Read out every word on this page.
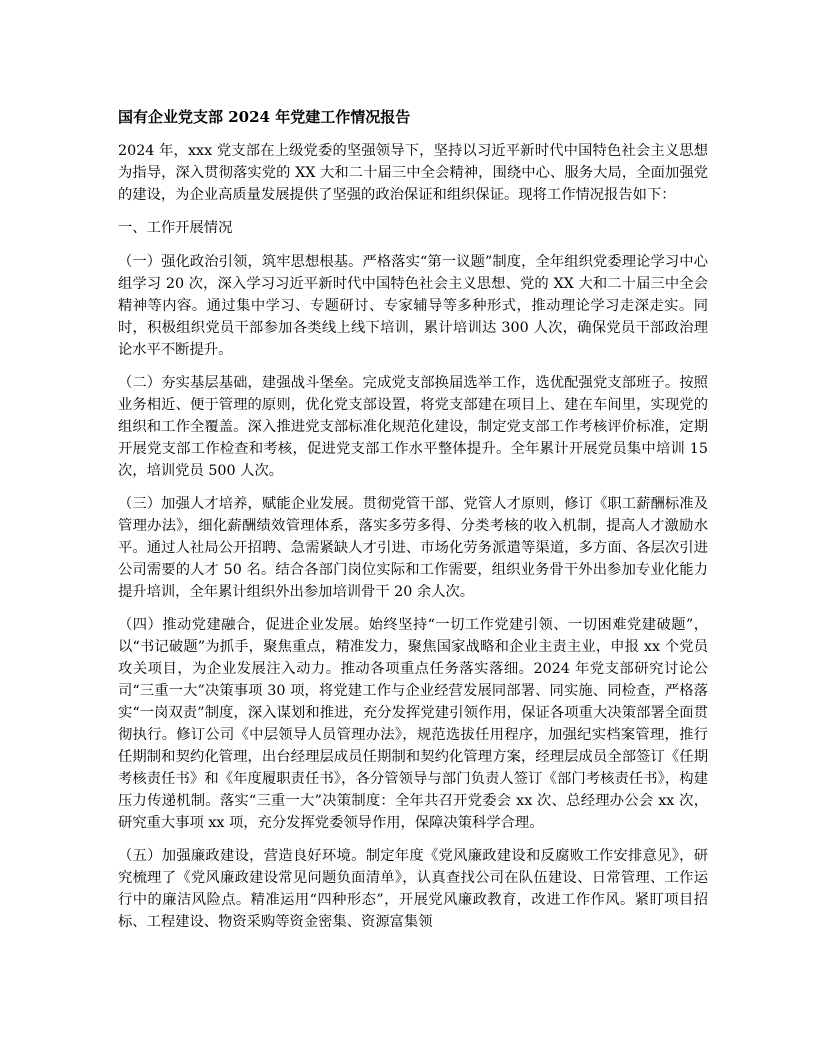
国有企业党支部 2024 年党建工作情况报告

2024 年，xxx 党支部在上级党委的坚强领导下，坚持以习近平新时代中国特色社会主义思想为指导，深入贯彻落实党的 XX 大和二十届三中全会精神，围绕中心、服务大局，全面加强党的建设，为企业高质量发展提供了坚强的政治保证和组织保证。现将工作情况报告如下：

一、工作开展情况

（一）强化政治引领，筑牢思想根基。严格落实“第一议题”制度，全年组织党委理论学习中心组学习 20 次，深入学习习近平新时代中国特色社会主义思想、党的 XX 大和二十届三中全会精神等内容。通过集中学习、专题研讨、专家辅导等多种形式，推动理论学习走深走实。同时，积极组织党员干部参加各类线上线下培训，累计培训达 300 人次，确保党员干部政治理论水平不断提升。

（二）夯实基层基础，建强战斗堡垒。完成党支部换届选举工作，选优配强党支部班子。按照业务相近、便于管理的原则，优化党支部设置，将党支部建在项目上、建在车间里，实现党的组织和工作全覆盖。深入推进党支部标准化规范化建设，制定党支部工作考核评价标准，定期开展党支部工作检查和考核，促进党支部工作水平整体提升。全年累计开展党员集中培训 15 次，培训党员 500 人次。

（三）加强人才培养，赋能企业发展。贯彻党管干部、党管人才原则，修订《职工薪酬标准及管理办法》，细化薪酬绩效管理体系，落实多劳多得、分类考核的收入机制，提高人才激励水平。通过人社局公开招聘、急需紧缺人才引进、市场化劳务派遣等渠道，多方面、各层次引进公司需要的人才 50 名。结合各部门岗位实际和工作需要，组织业务骨干外出参加专业化能力提升培训，全年累计组织外出参加培训骨干 20 余人次。

（四）推动党建融合，促进企业发展。始终坚持“一切工作党建引领、一切困难党建破题”，以“书记破题”为抓手，聚焦重点，精准发力，聚焦国家战略和企业主责主业，申报 xx 个党员攻关项目，为企业发展注入动力。推动各项重点任务落实落细。2024 年党支部研究讨论公司“三重一大”决策事项 30 项，将党建工作与企业经营发展同部署、同实施、同检查，严格落实“一岗双责”制度，深入谋划和推进，充分发挥党建引领作用，保证各项重大决策部署全面贯彻执行。修订公司《中层领导人员管理办法》，规范选拔任用程序，加强纪实档案管理，推行任期制和契约化管理，出台经理层成员任期制和契约化管理方案，经理层成员全部签订《任期考核责任书》和《年度履职责任书》，各分管领导与部门负责人签订《部门考核责任书》，构建压力传递机制。落实“三重一大”决策制度：全年共召开党委会 xx 次、总经理办公会 xx 次，研究重大事项 xx 项，充分发挥党委领导作用，保障决策科学合理。

（五）加强廉政建设，营造良好环境。制定年度《党风廉政建设和反腐败工作安排意见》，研究梳理了《党风廉政建设常见问题负面清单》，认真查找公司在队伍建设、日常管理、工作运行中的廉洁风险点。精准运用“四种形态”，开展党风廉政教育，改进工作作风。紧盯项目招标、工程建设、物资采购等资金密集、资源富集领
